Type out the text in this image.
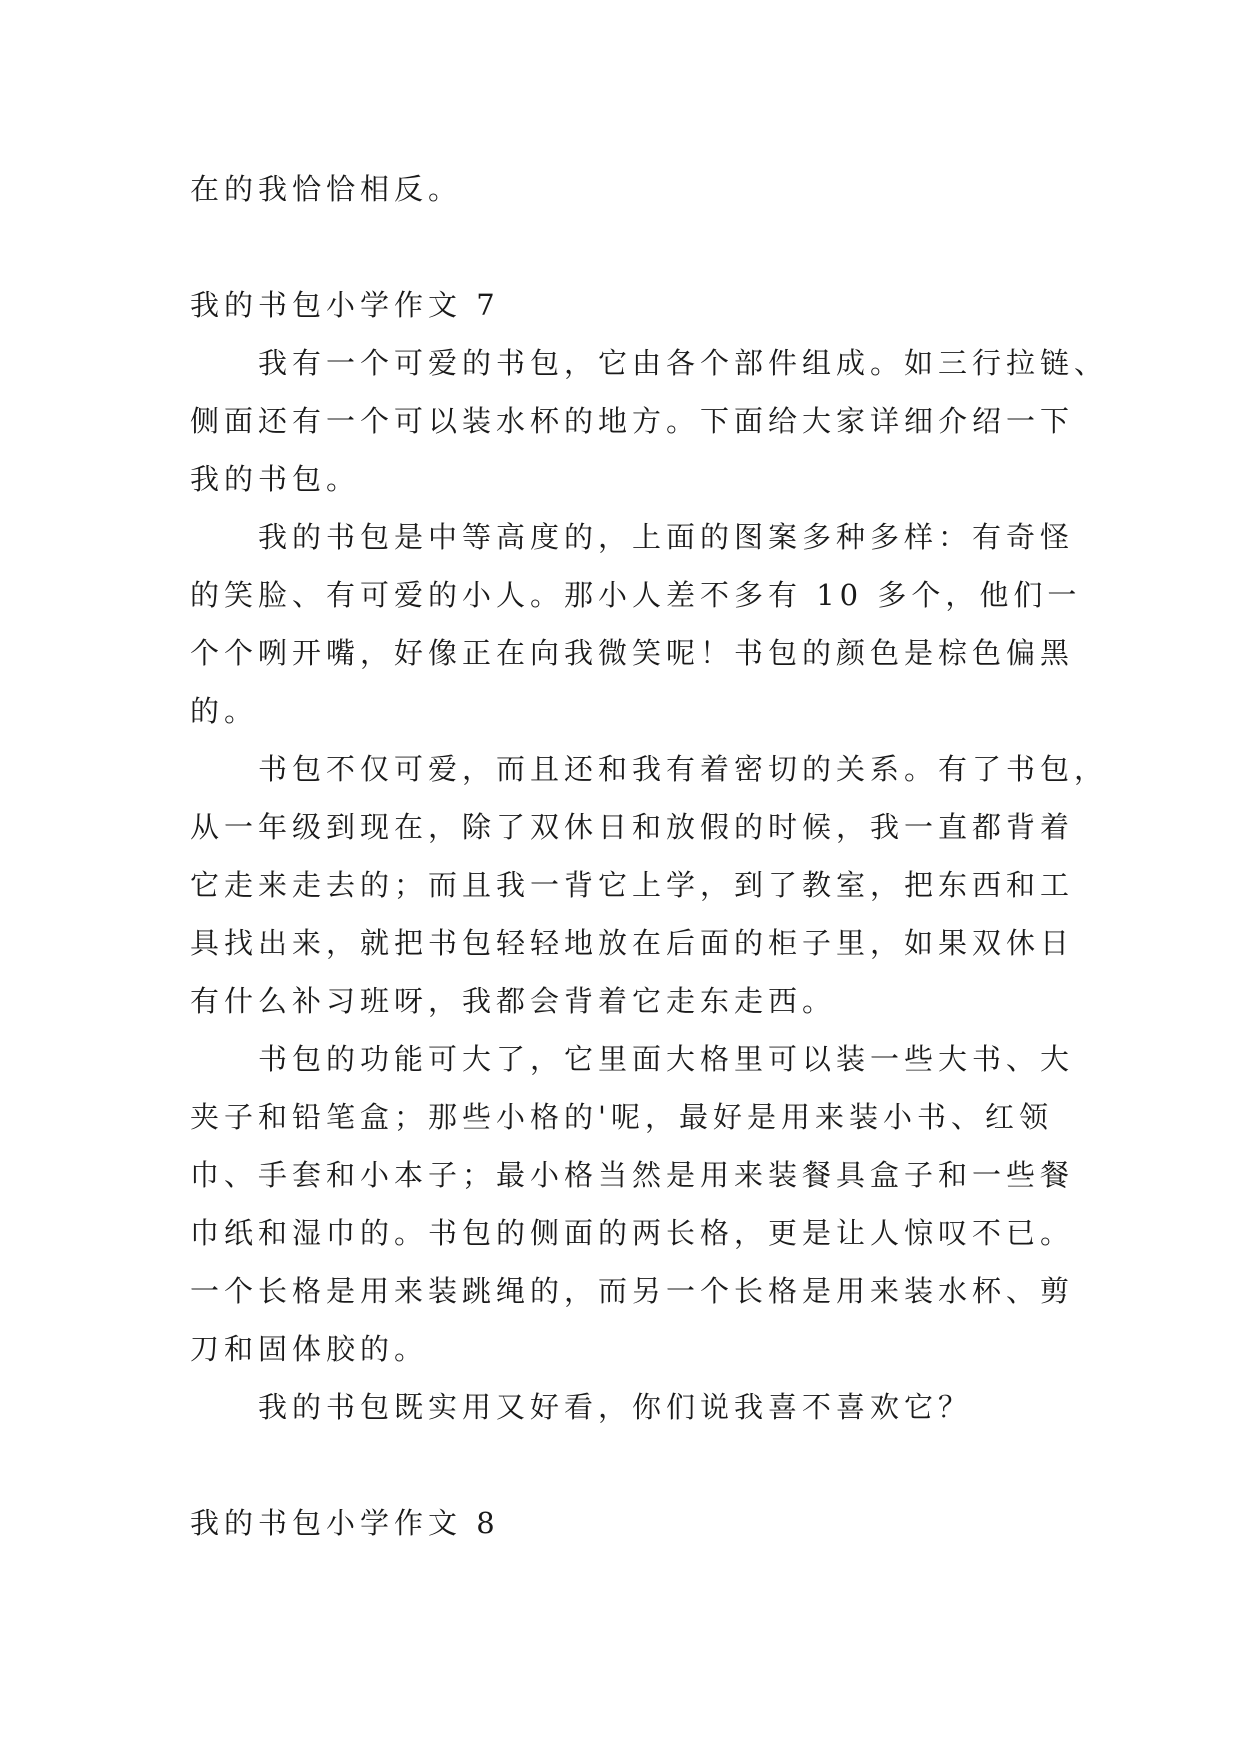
在的我恰恰相反。
我的书包小学作文 7
我有一个可爱的书包，它由各个部件组成。如三行拉链、
侧面还有一个可以装水杯的地方。下面给大家详细介绍一下
我的书包。
我的书包是中等高度的，上面的图案多种多样：有奇怪
的笑脸、有可爱的小人。那小人差不多有 10 多个，他们一
个个咧开嘴，好像正在向我微笑呢！书包的颜色是棕色偏黑
的。
书包不仅可爱，而且还和我有着密切的关系。有了书包，
从一年级到现在，除了双休日和放假的时候，我一直都背着
它走来走去的；而且我一背它上学，到了教室，把东西和工
具找出来，就把书包轻轻地放在后面的柜子里，如果双休日
有什么补习班呀，我都会背着它走东走西。
书包的功能可大了，它里面大格里可以装一些大书、大
夹子和铅笔盒；那些小格的'呢，最好是用来装小书、红领
巾、手套和小本子；最小格当然是用来装餐具盒子和一些餐
巾纸和湿巾的。书包的侧面的两长格，更是让人惊叹不已。
一个长格是用来装跳绳的，而另一个长格是用来装水杯、剪
刀和固体胶的。
我的书包既实用又好看，你们说我喜不喜欢它？
我的书包小学作文 8
